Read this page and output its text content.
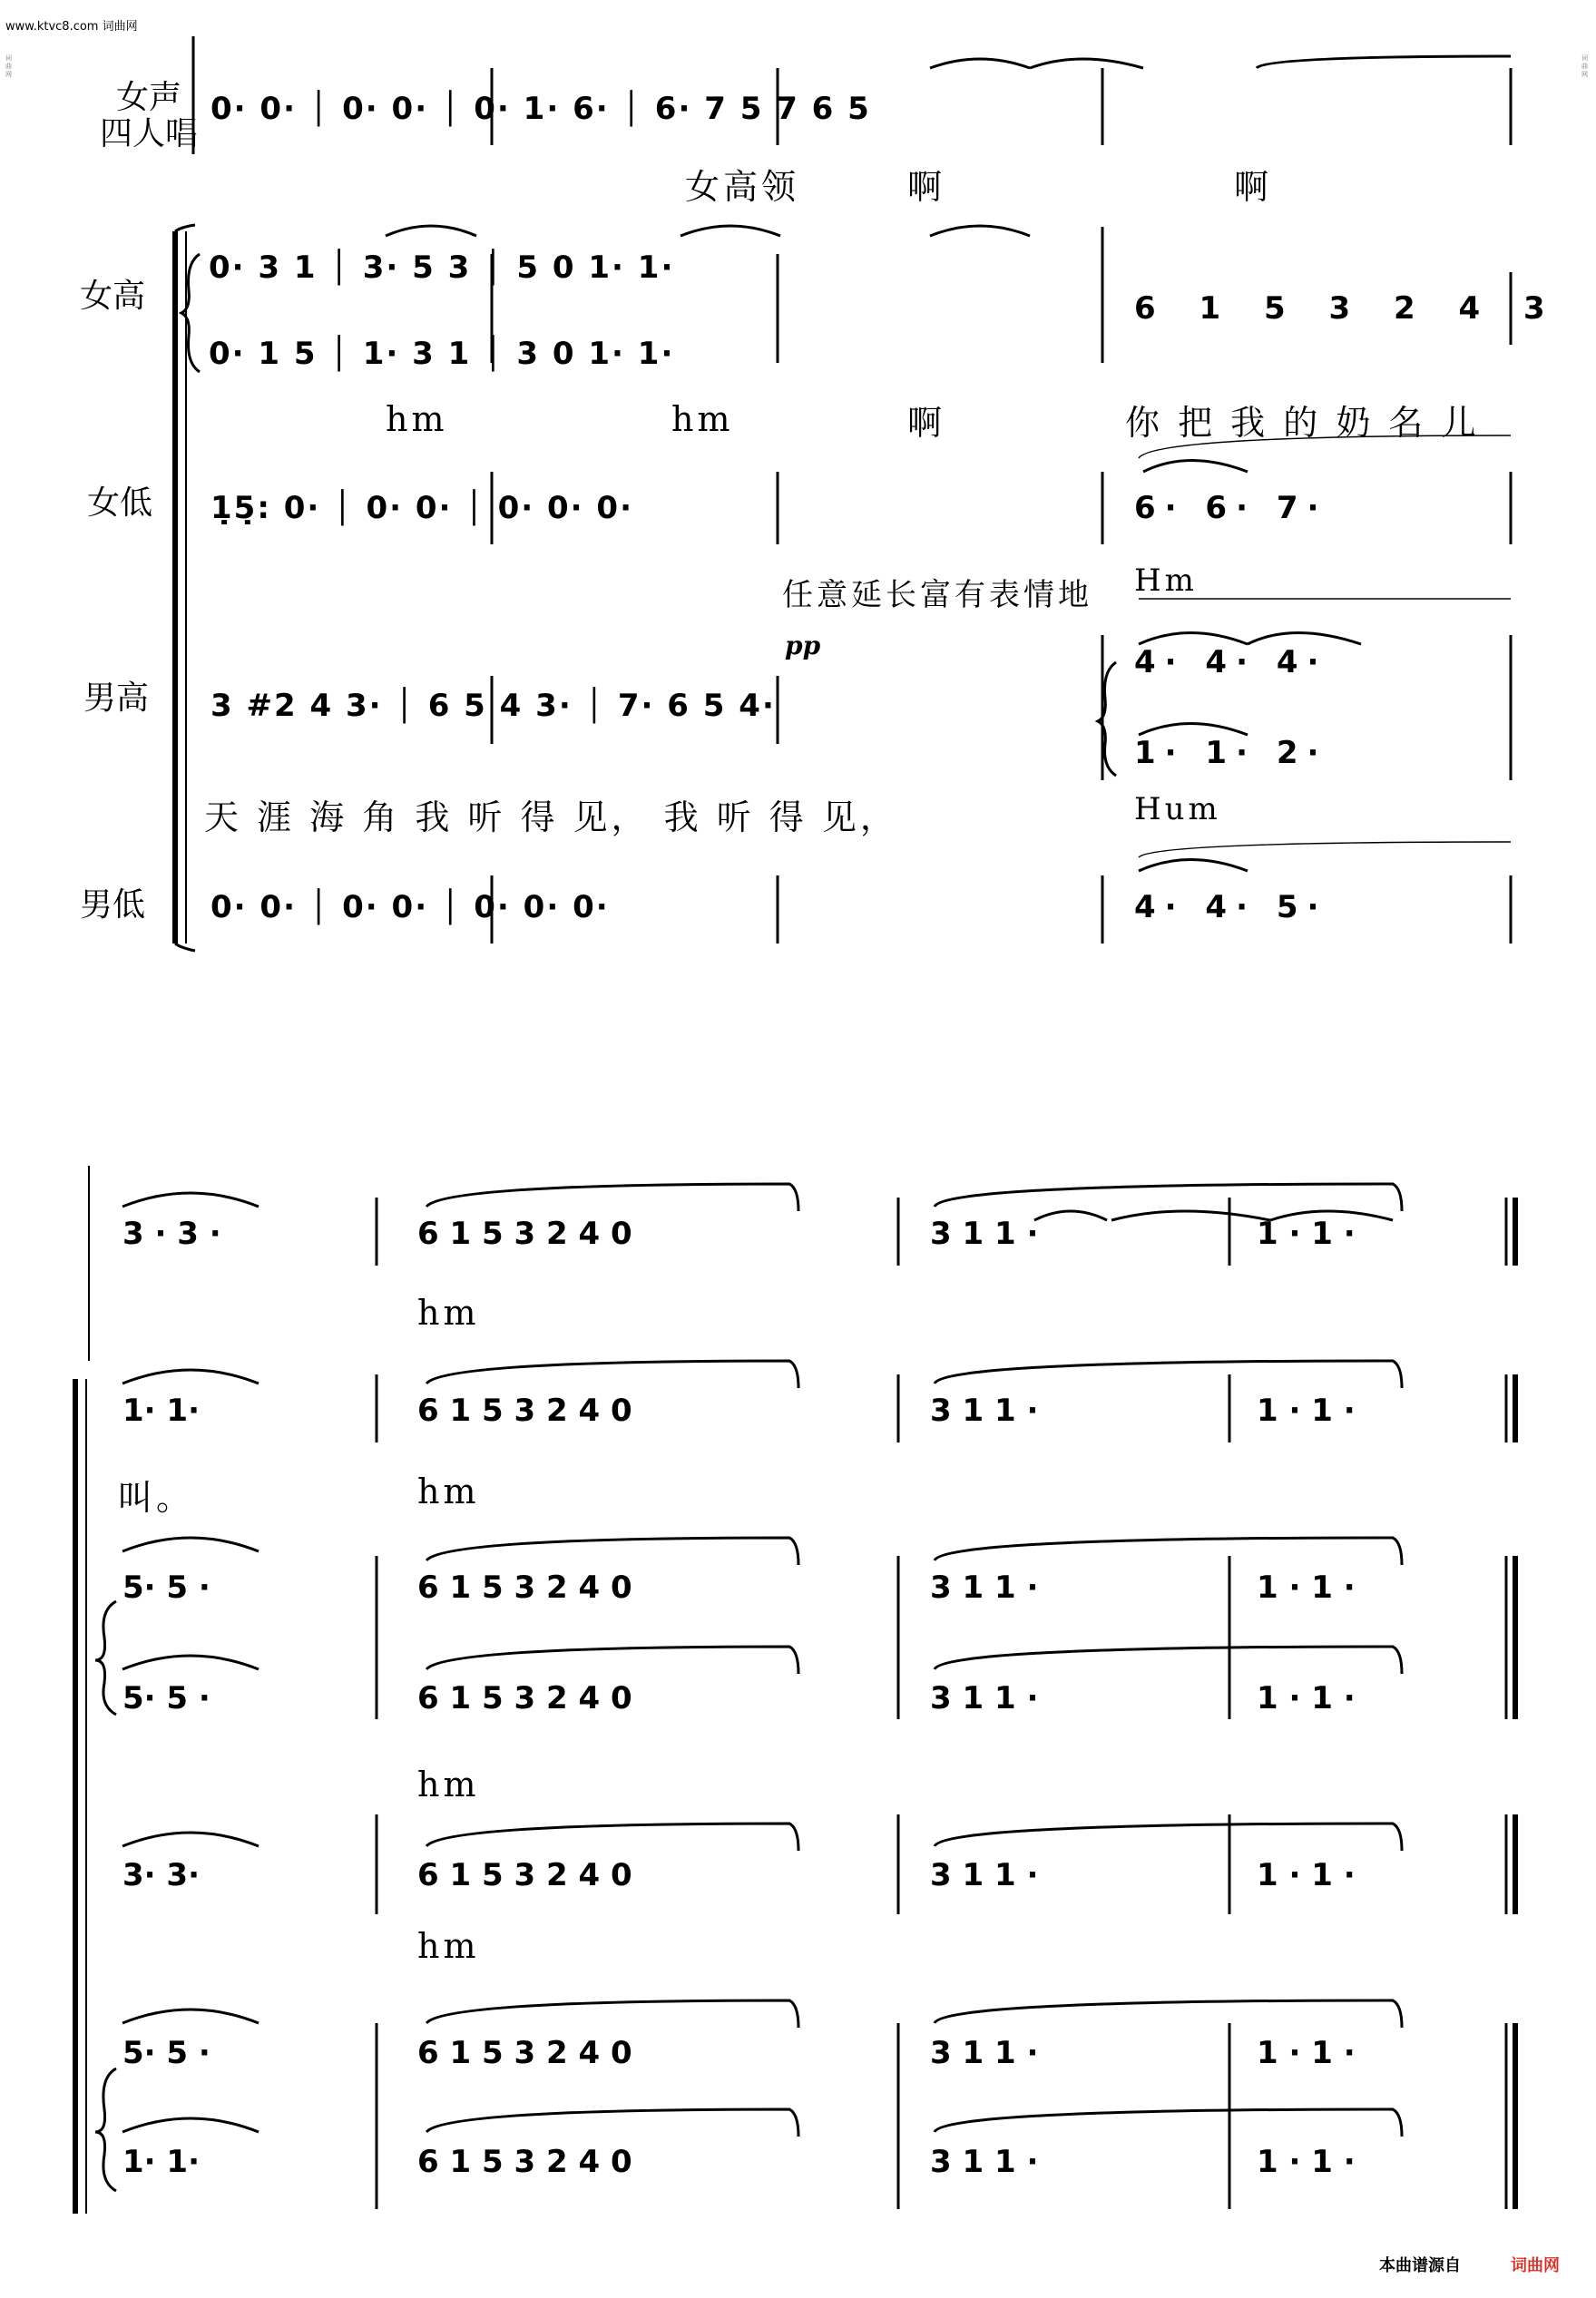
www.ktvc8.com 词曲网
词曲网
词曲网
女声
四人唱
女高
女低
男高
男低
0· 0· │ 0· 0· │ 0· 1· 6· │ 6· 7 5 7 6 5
女高领	啊	啊
0· 3 1 │ 3· 5 3 │ 5 0 1· 1·
0· 1 5 │ 1· 3 1 │ 3 0 1· 1·
6 1 5 3 2 4 3
hm	hm	啊	你 把 我 的 奶 名 儿
1̣5̣: 0· │ 0· 0· │ 0· 0· 0·	6· 6· 7·
任意延长富有表情地 Hm
3 #2 4 3· │ 6 5 4 3· │ 7· 6 5 4·
pp	4· 4· 4·
1· 1· 2·
天 涯 海 角 我 听 得 见， 我 听 得 见，	Hum
0· 0· │ 0· 0· │ 0· 0· 0·	4· 4· 5·
3 · 3 ·	6 1 5 3 2 4 0	3 1 1 ·	1 · 1 ·
hm
1· 1·	6 1 5 3 2 4 0	3 1 1 ·	1 · 1 ·
叫。	hm
5· 5 ·	6 1 5 3 2 4 0	3 1 1 ·	1 · 1 ·
5· 5 ·	6 1 5 3 2 4 0	3 1 1 ·	1 · 1 ·
hm
3· 3·	6 1 5 3 2 4 0	3 1 1 ·	1 · 1 ·
hm
5· 5 ·	6 1 5 3 2 4 0	3 1 1 ·	1 · 1 ·
1· 1·	6 1 5 3 2 4 0	3 1 1 ·	1 · 1 ·
本曲谱源自	词曲网
